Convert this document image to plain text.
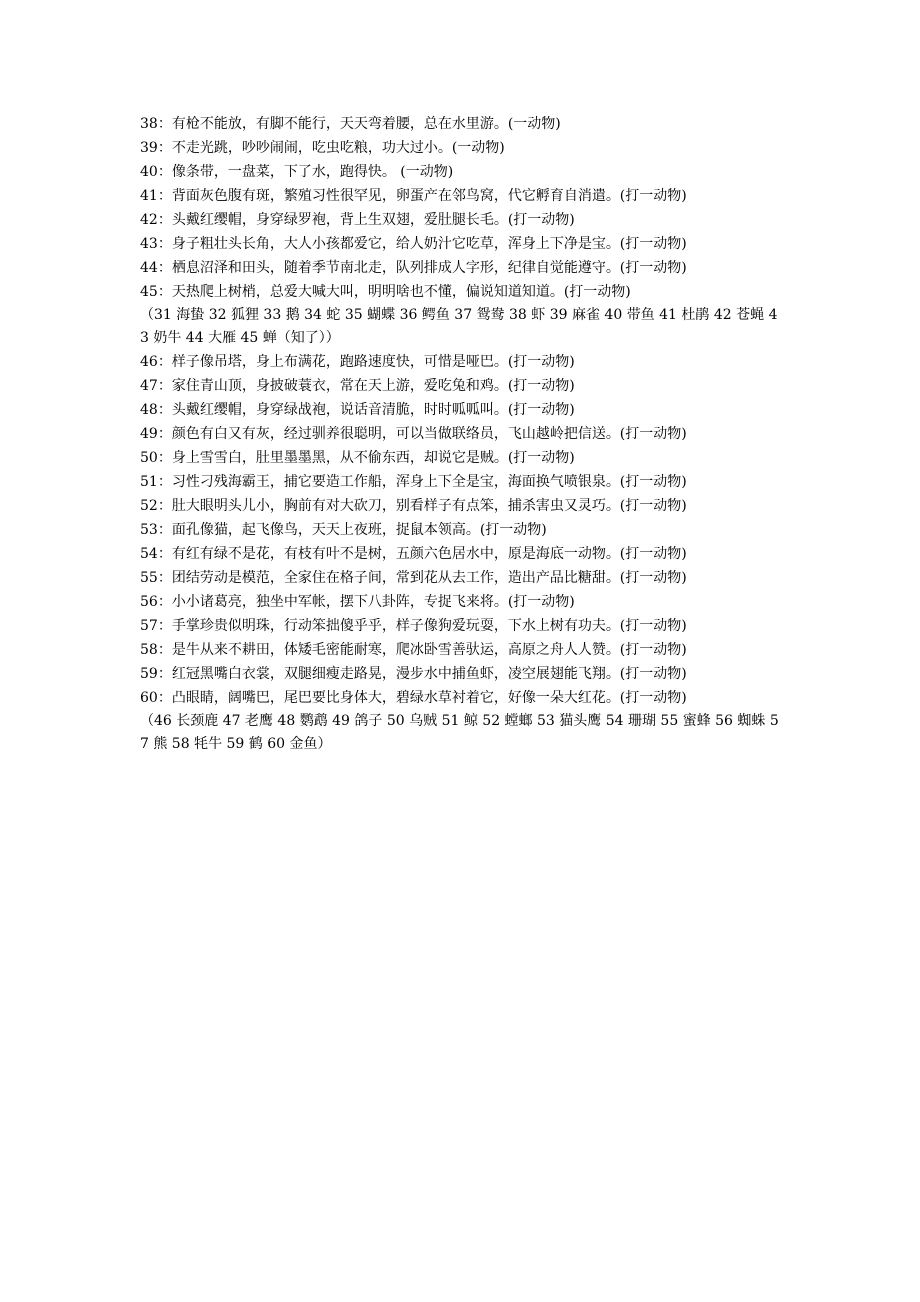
38：有枪不能放，有脚不能行，天天弯着腰，总在水里游。(一动物)
39：不走光跳，吵吵闹闹，吃虫吃粮，功大过小。(一动物)
40：像条带，一盘菜，下了水，跑得快。 (一动物)
41：背面灰色腹有斑，繁殖习性很罕见，卵蛋产在邻鸟窝，代它孵育自消遣。(打一动物)
42：头戴红缨帽，身穿绿罗袍，背上生双翅，爱肚腿长毛。(打一动物)
43：身子粗壮头长角，大人小孩都爱它，给人奶汁它吃草，浑身上下净是宝。(打一动物)
44：栖息沼泽和田头，随着季节南北走，队列排成人字形，纪律自觉能遵守。(打一动物)
45：天热爬上树梢，总爱大喊大叫，明明啥也不懂，偏说知道知道。(打一动物)
（31 海蛰 32 狐狸 33 鹅 34 蛇 35 蝴蝶 36 鳄鱼 37 鸳鸯 38 虾 39 麻雀 40 带鱼 41 杜鹃 42 苍蝇 43 奶牛 44 大雁 45 蝉（知了））
46：样子像吊塔，身上布满花，跑路速度快，可惜是哑巴。(打一动物)
47：家住青山顶，身披破蓑衣，常在天上游，爱吃兔和鸡。(打一动物)
48：头戴红缨帽，身穿绿战袍，说话音清脆，时时呱呱叫。(打一动物)
49：颜色有白又有灰，经过驯养很聪明，可以当做联络员，飞山越岭把信送。(打一动物)
50：身上雪雪白，肚里墨墨黑，从不偷东西，却说它是贼。(打一动物)
51：习性刁残海霸王，捕它要造工作船，浑身上下全是宝，海面换气喷银泉。(打一动物)
52：肚大眼明头儿小，胸前有对大砍刀，别看样子有点笨，捕杀害虫又灵巧。(打一动物)
53：面孔像猫，起飞像鸟，天天上夜班，捉鼠本领高。(打一动物)
54：有红有绿不是花，有枝有叶不是树，五颜六色居水中，原是海底一动物。(打一动物)
55：团结劳动是模范，全家住在格子间，常到花从去工作，造出产品比糖甜。(打一动物)
56：小小诸葛亮，独坐中军帐，摆下八卦阵，专捉飞来将。(打一动物)
57：手掌珍贵似明珠，行动笨拙傻乎乎，样子像狗爱玩耍，下水上树有功夫。(打一动物)
58：是牛从来不耕田，体矮毛密能耐寒，爬冰卧雪善驮运，高原之舟人人赞。(打一动物)
59：红冠黑嘴白衣裳，双腿细瘦走路晃，漫步水中捕鱼虾，凌空展翅能飞翔。(打一动物)
60：凸眼睛，阔嘴巴，尾巴要比身体大，碧绿水草衬着它，好像一朵大红花。(打一动物)
（46 长颈鹿 47 老鹰 48 鹦鹉 49 鸽子 50 乌贼 51 鲸 52 螳螂 53 猫头鹰 54 珊瑚 55 蜜蜂 56 蜘蛛 57 熊 58 牦牛 59 鹤 60 金鱼）
